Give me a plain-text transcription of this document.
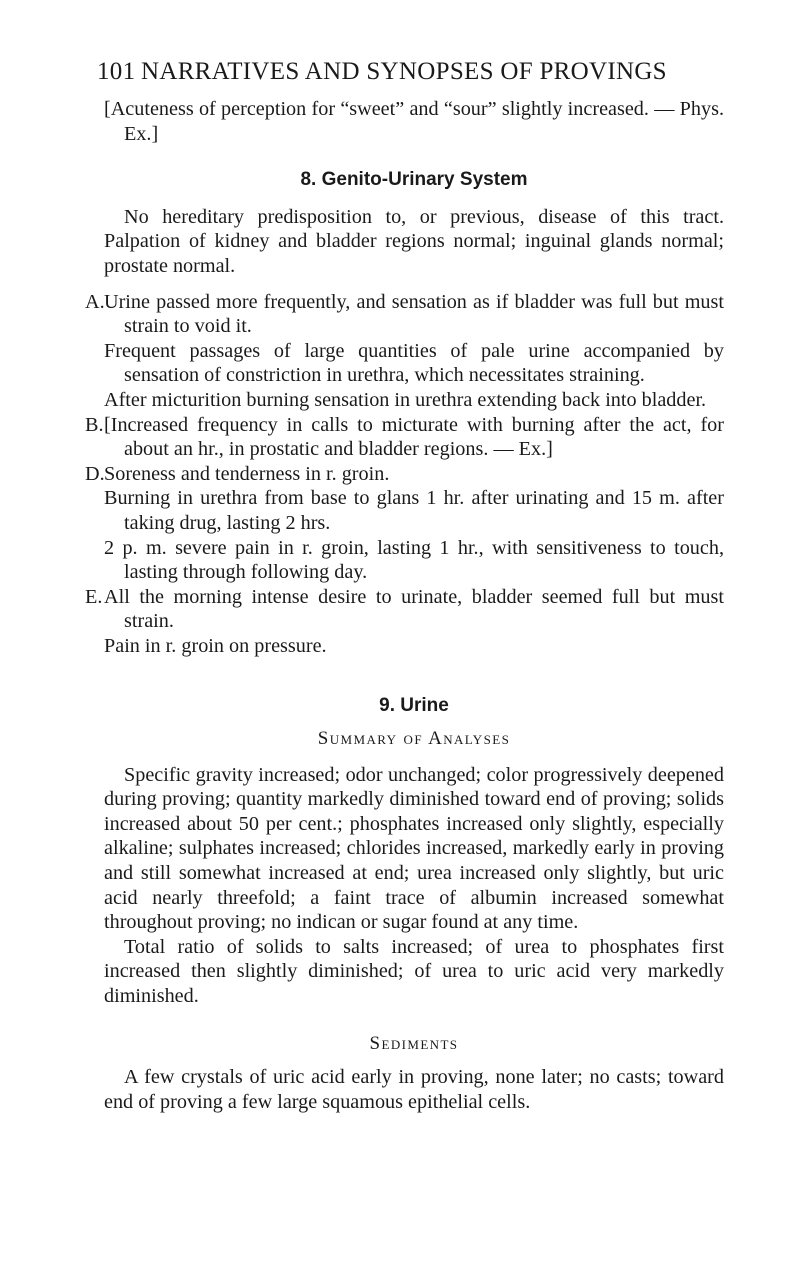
101 NARRATIVES AND SYNOPSES OF PROVINGS

[Acuteness of perception for “sweet” and “sour” slightly increased. — Phys. Ex.]

8. Genito-Urinary System

No hereditary predisposition to, or previous, disease of this tract. Palpation of kidney and bladder regions normal; inguinal glands normal; prostate normal.

A. Urine passed more frequently, and sensation as if bladder was full but must strain to void it.

Frequent passages of large quantities of pale urine accompanied by sensation of constriction in urethra, which necessitates straining.

After micturition burning sensation in urethra extending back into bladder.

B. [Increased frequency in calls to micturate with burning after the act, for about an hr., in prostatic and bladder regions. — Ex.]

D. Soreness and tenderness in r. groin.

Burning in urethra from base to glans 1 hr. after urinating and 15 m. after taking drug, lasting 2 hrs.

2 p. m. severe pain in r. groin, lasting 1 hr., with sensitiveness to touch, lasting through following day.

E. All the morning intense desire to urinate, bladder seemed full but must strain.

Pain in r. groin on pressure.

9. Urine

Summary of Analyses

Specific gravity increased; odor unchanged; color progressively deepened during proving; quantity markedly diminished toward end of proving; solids increased about 50 per cent.; phosphates increased only slightly, especially alkaline; sulphates increased; chlorides increased, markedly early in proving and still somewhat increased at end; urea increased only slightly, but uric acid nearly threefold; a faint trace of albumin increased somewhat throughout proving; no indican or sugar found at any time.

Total ratio of solids to salts increased; of urea to phosphates first increased then slightly diminished; of urea to uric acid very markedly diminished.

Sediments

A few crystals of uric acid early in proving, none later; no casts; toward end of proving a few large squamous epithelial cells.
